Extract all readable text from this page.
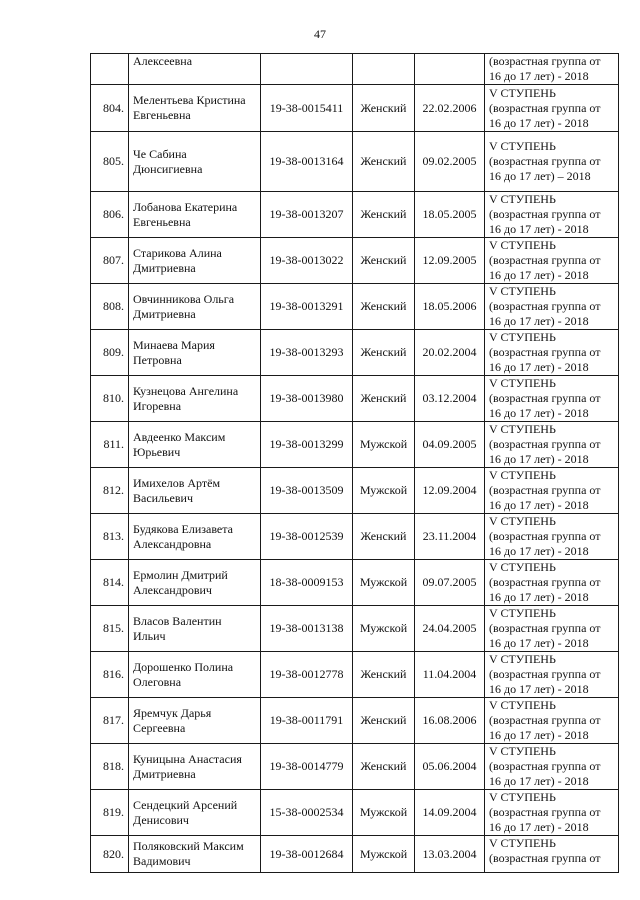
47

	Алексеевна				(возрастная группа от
16 до 17 лет) - 2018

804.	Мелентьева Кристина
Евгеньевна	19-38-0015411	Женский	22.02.2006	V СТУПЕНЬ
(возрастная группа от
16 до 17 лет) - 2018

805.	Че Сабина
Дюнсигиевна	19-38-0013164	Женский	09.02.2005	V СТУПЕНЬ
(возрастная группа от
16 до 17 лет) – 2018

806.	Лобанова Екатерина
Евгеньевна	19-38-0013207	Женский	18.05.2005	V СТУПЕНЬ
(возрастная группа от
16 до 17 лет) - 2018

807.	Старикова Алина
Дмитриевна	19-38-0013022	Женский	12.09.2005	V СТУПЕНЬ
(возрастная группа от
16 до 17 лет) - 2018

808.	Овчинникова Ольга
Дмитриевна	19-38-0013291	Женский	18.05.2006	V СТУПЕНЬ
(возрастная группа от
16 до 17 лет) - 2018

809.	Минаева Мария
Петровна	19-38-0013293	Женский	20.02.2004	V СТУПЕНЬ
(возрастная группа от
16 до 17 лет) - 2018

810.	Кузнецова Ангелина
Игоревна	19-38-0013980	Женский	03.12.2004	V СТУПЕНЬ
(возрастная группа от
16 до 17 лет) - 2018

811.	Авдеенко Максим
Юрьевич	19-38-0013299	Мужской	04.09.2005	V СТУПЕНЬ
(возрастная группа от
16 до 17 лет) - 2018

812.	Имихелов Артём
Васильевич	19-38-0013509	Мужской	12.09.2004	V СТУПЕНЬ
(возрастная группа от
16 до 17 лет) - 2018

813.	Будякова Елизавета
Александровна	19-38-0012539	Женский	23.11.2004	V СТУПЕНЬ
(возрастная группа от
16 до 17 лет) - 2018

814.	Ермолин Дмитрий
Александрович	18-38-0009153	Мужской	09.07.2005	V СТУПЕНЬ
(возрастная группа от
16 до 17 лет) - 2018

815.	Власов Валентин
Ильич	19-38-0013138	Мужской	24.04.2005	V СТУПЕНЬ
(возрастная группа от
16 до 17 лет) - 2018

816.	Дорошенко Полина
Олеговна	19-38-0012778	Женский	11.04.2004	V СТУПЕНЬ
(возрастная группа от
16 до 17 лет) - 2018

817.	Яремчук Дарья
Сергеевна	19-38-0011791	Женский	16.08.2006	V СТУПЕНЬ
(возрастная группа от
16 до 17 лет) - 2018

818.	Куницына Анастасия
Дмитриевна	19-38-0014779	Женский	05.06.2004	V СТУПЕНЬ
(возрастная группа от
16 до 17 лет) - 2018

819.	Сендецкий Арсений
Денисович	15-38-0002534	Мужской	14.09.2004	V СТУПЕНЬ
(возрастная группа от
16 до 17 лет) - 2018

820.	Поляковский Максим
Вадимович	19-38-0012684	Мужской	13.03.2004	V СТУПЕНЬ
(возрастная группа от
